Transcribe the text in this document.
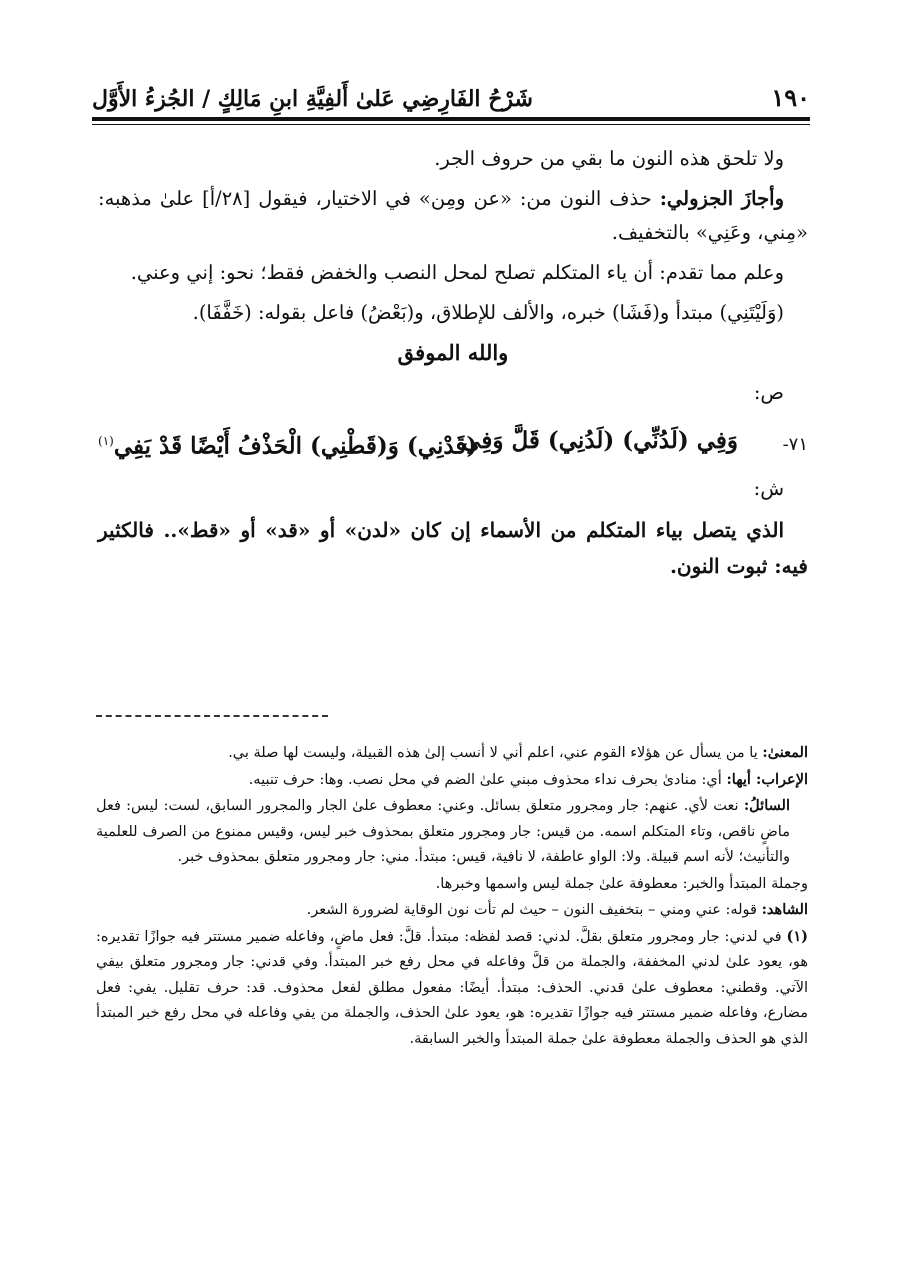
١٩٠
شَرْحُ الفَارِضِي عَلىٰ أَلفِيَّةِ ابنِ مَالِكٍ / الجُزءُ الأَوَّل

ولا تلحق هذه النون ما بقي من حروف الجر.

وأجازَ الجزولي: حذف النون من: «عن ومِن» في الاختيار، فيقول [٢٨/أ] علىٰ مذهبه: «مِني، وعَنِي» بالتخفيف.

وعلم مما تقدم: أن ياء المتكلم تصلح لمحل النصب والخفض فقط؛ نحو: إني وعني.

(وَلَيْتَنِي) مبتدأ و(فَشَا) خبره، والألف للإطلاق، و(بَعْضُ) فاعل بقوله: (خَفَّفَا).

والله الموفق

ص:

٧١-
وَفِي (لَدُنِّي) (لَدُنِي) قَلَّ وَفِي
(قَدْنِي) وَ(قَطْنِي) الْحَذْفُ أَيْضًا قَدْ يَفِي$^{(١)}$

ش:

الذي يتصل بياء المتكلم من الأسماء إن كان «لدن» أو «قد» أو «قط».. فالكثير فيه: ثبوت النون.

المعنىٰ: يا من يسأل عن هؤلاء القوم عني، اعلم أني لا أنسب إلىٰ هذه القبيلة، وليست لها صلة بي.

الإعراب: أيها: أي: منادىٰ بحرف نداء محذوف مبني علىٰ الضم في محل نصب. وها: حرف تنبيه.

السائلُ: نعت لأي. عنهم: جار ومجرور متعلق بسائل. وعني: معطوف علىٰ الجار والمجرور السابق، لست: ليس: فعل ماضٍ ناقص، وتاء المتكلم اسمه. من قيس: جار ومجرور متعلق بمحذوف خبر ليس، وقيس ممنوع من الصرف للعلمية والتأنيث؛ لأنه اسم قبيلة. ولا: الواو عاطفة، لا نافية، قيس: مبتدأ. مني: جار ومجرور متعلق بمحذوف خبر.

وجملة المبتدأ والخبر: معطوفة علىٰ جملة ليس واسمها وخبرها.

الشاهد: قوله: عني ومني – بتخفيف النون – حيث لم تأت نون الوقاية لضرورة الشعر.

(١) في لدني: جار ومجرور متعلق بقلَّ. لدني: قصد لفظه: مبتدأ. قلَّ: فعل ماضٍ، وفاعله ضمير مستتر فيه جوازًا تقديره: هو، يعود علىٰ لدني المخففة، والجملة من قلَّ وفاعله في محل رفع خبر المبتدأ. وفي قدني: جار ومجرور متعلق بيفي الآتي. وقطني: معطوف علىٰ قدني. الحذف: مبتدأ. أيضًا: مفعول مطلق لفعل محذوف. قد: حرف تقليل. يفي: فعل مضارع، وفاعله ضمير مستتر فيه جوازًا تقديره: هو، يعود علىٰ الحذف، والجملة من يفي وفاعله في محل رفع خبر المبتدأ الذي هو الحذف والجملة معطوفة علىٰ جملة المبتدأ والخبر السابقة.
